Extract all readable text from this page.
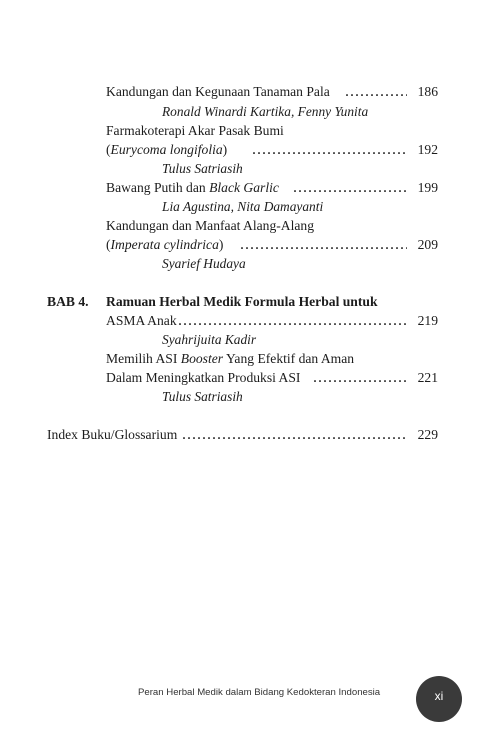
Kandungan dan Kegunaan Tanaman Pala .....	186
Ronald Winardi Kartika, Fenny Yunita
Farmakoterapi Akar Pasak Bumi
(Eurycoma longifolia) .....	192
Tulus Satriasih
Bawang Putih dan Black Garlic .....	199
Lia Agustina, Nita Damayanti
Kandungan dan Manfaat Alang-Alang
(Imperata cylindrica) .....	209
Syarief Hudaya
BAB 4. Ramuan Herbal Medik Formula Herbal untuk
ASMA Anak .....	219
Syahrijuita Kadir
Memilih ASI Booster Yang Efektif dan Aman
Dalam Meningkatkan Produksi ASI .....	221
Tulus Satriasih
Index Buku/Glossarium .....	229
Peran Herbal Medik dalam Bidang Kedokteran Indonesia	xi
